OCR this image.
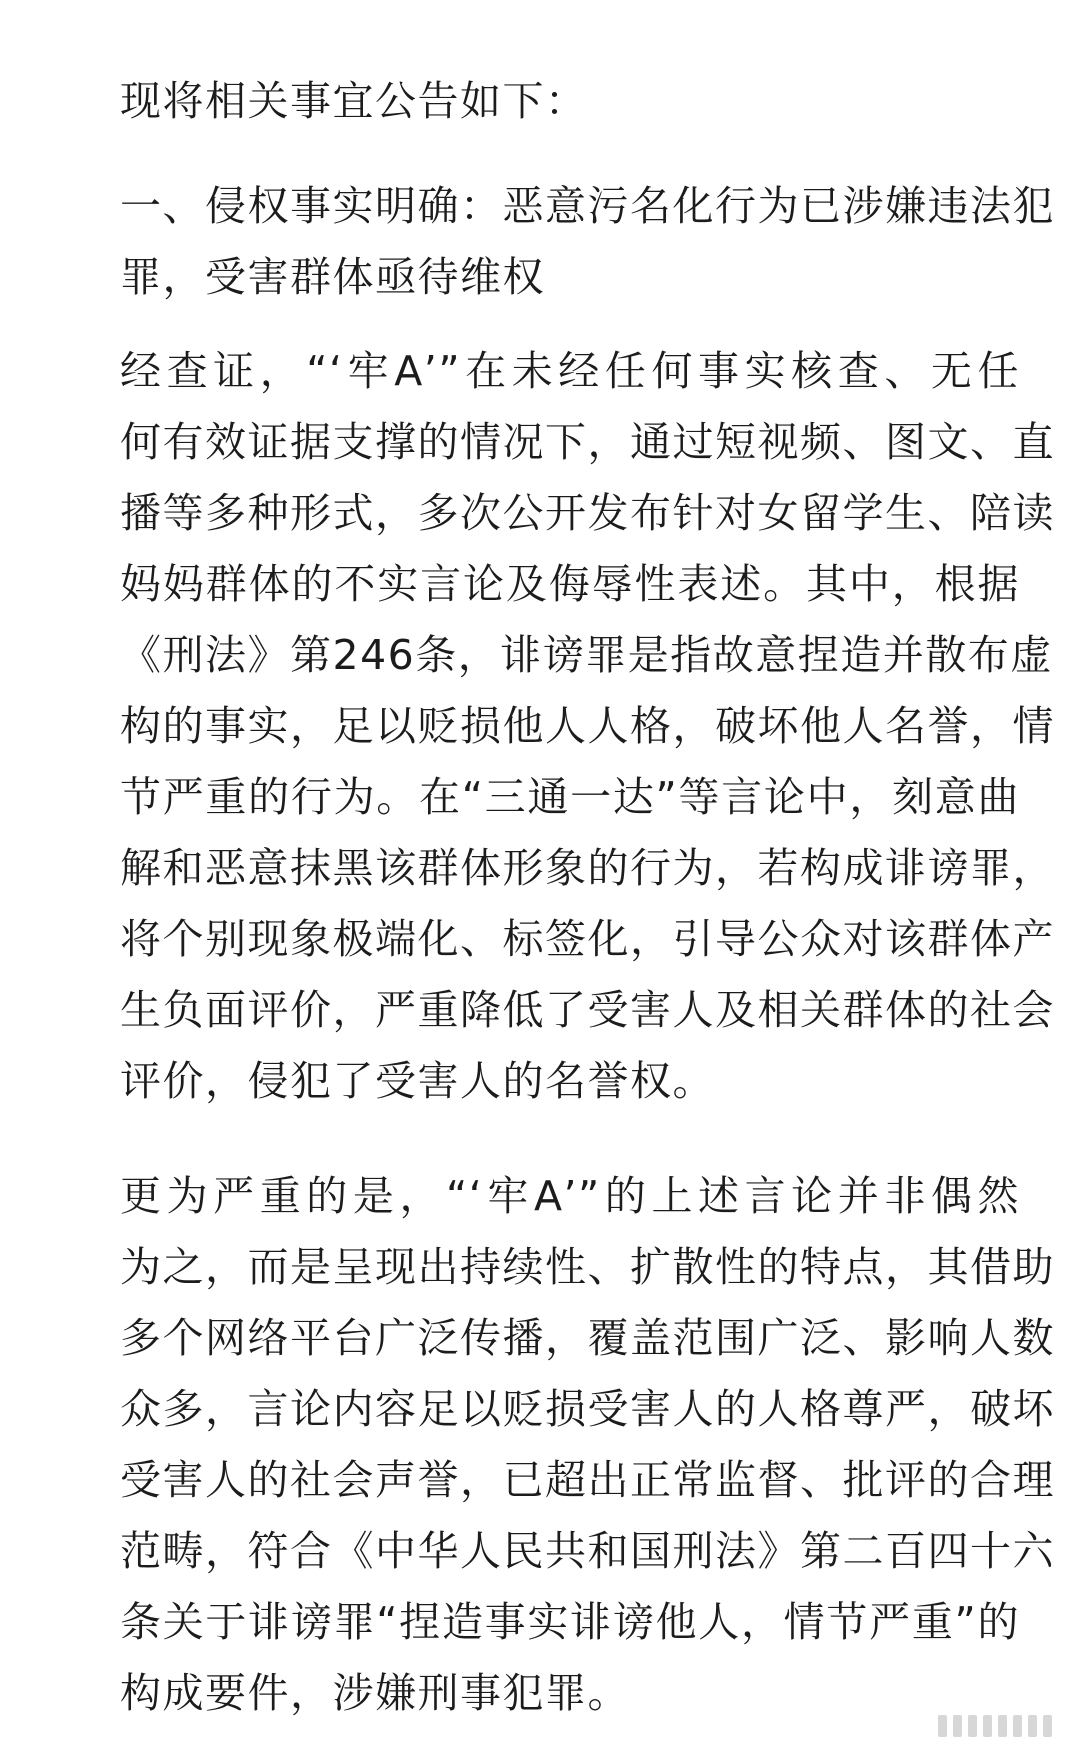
现将相关事宜公告如下：
一、侵权事实明确：恶意污名化行为已涉嫌违法犯
罪，受害群体亟待维权
经查证，“‘牢A’”在未经任何事实核查、无任
何有效证据支撑的情况下，通过短视频、图文、直
播等多种形式，多次公开发布针对女留学生、陪读
妈妈群体的不实言论及侮辱性表述。其中，根据
《刑法》第246条，诽谤罪是指故意捏造并散布虚
构的事实，足以贬损他人人格，破坏他人名誉，情
节严重的行为。在“三通一达”等言论中，刻意曲
解和恶意抹黑该群体形象的行为，若构成诽谤罪，
将个别现象极端化、标签化，引导公众对该群体产
生负面评价，严重降低了受害人及相关群体的社会
评价，侵犯了受害人的名誉权。
更为严重的是，“‘牢A’”的上述言论并非偶然
为之，而是呈现出持续性、扩散性的特点，其借助
多个网络平台广泛传播，覆盖范围广泛、影响人数
众多，言论内容足以贬损受害人的人格尊严，破坏
受害人的社会声誉，已超出正常监督、批评的合理
范畴，符合《中华人民共和国刑法》第二百四十六
条关于诽谤罪“捏造事实诽谤他人，情节严重”的
构成要件，涉嫌刑事犯罪。
